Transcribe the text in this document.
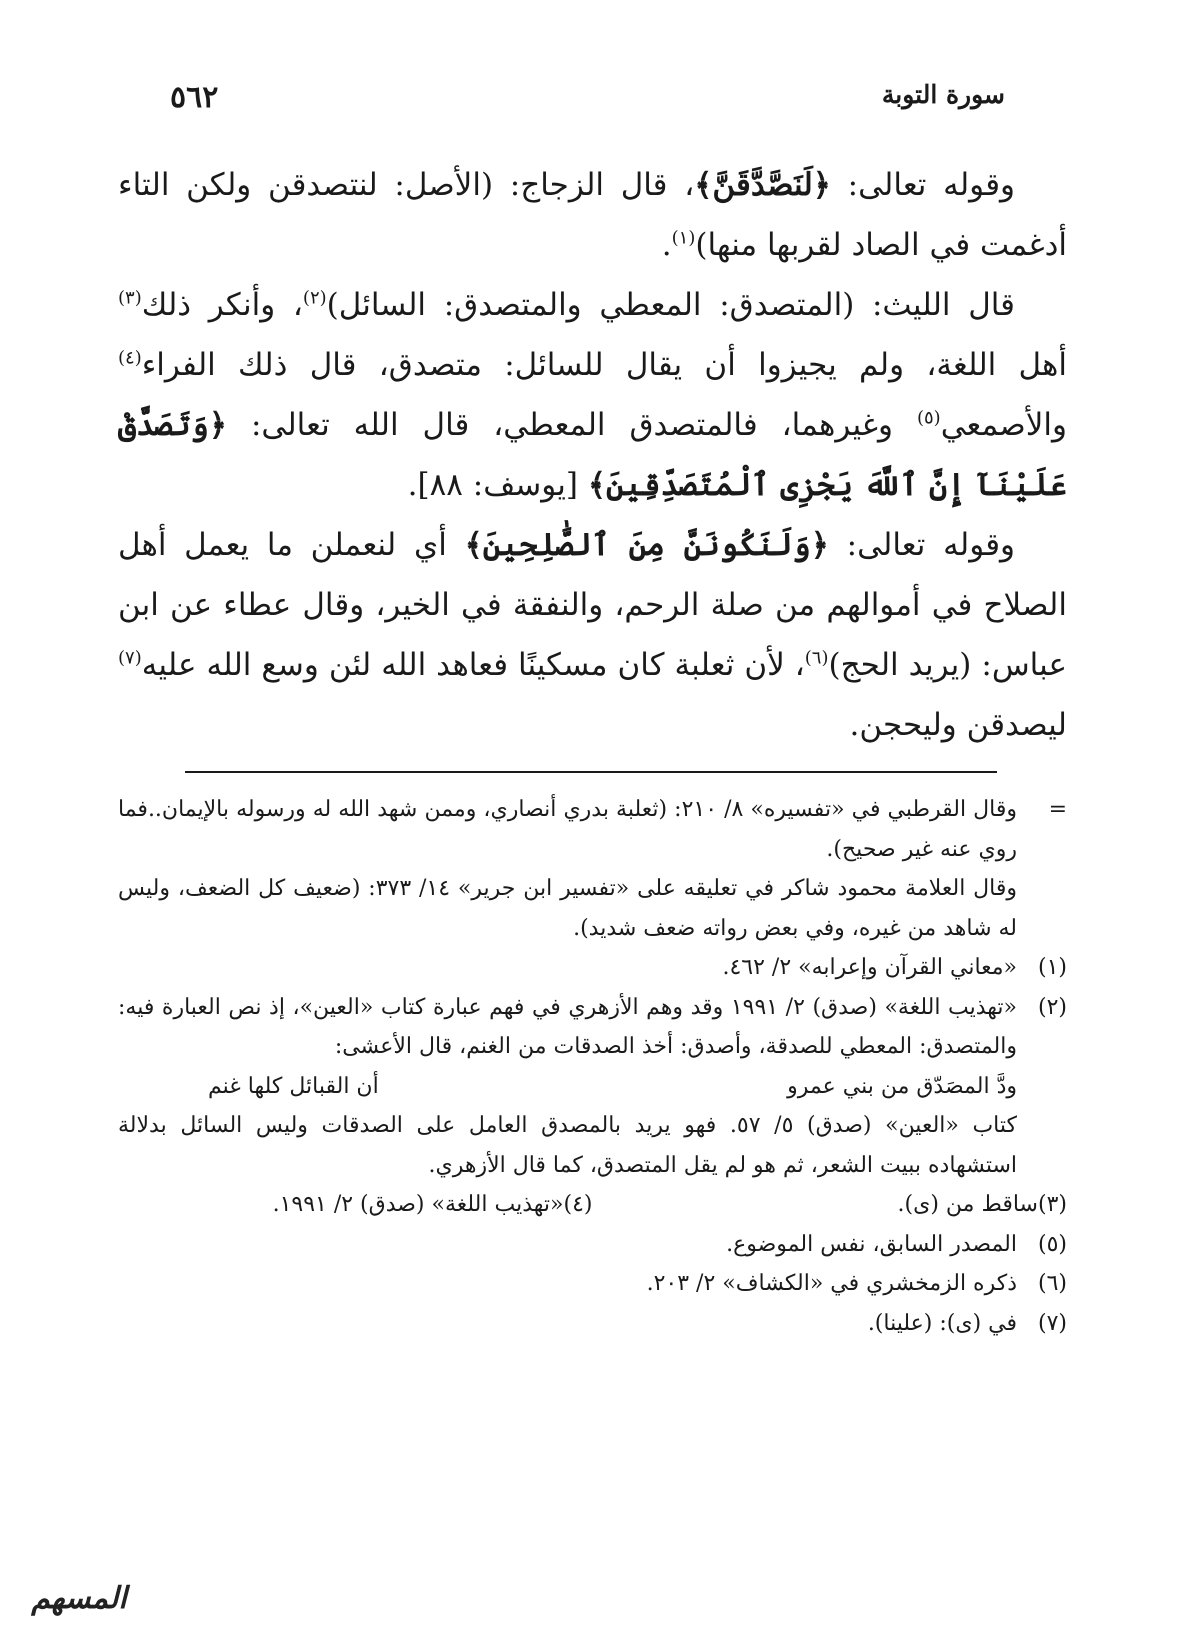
سورة التوبة
٥٦٢

وقوله تعالى: ﴿لَنَصَّدَّقَنَّ﴾، قال الزجاج: (الأصل: لنتصدقن ولكن التاء أدغمت في الصاد لقربها منها)$^{(١)}$.

قال الليث: (المتصدق: المعطي والمتصدق: السائل)$^{(٢)}$، وأنكر ذلك$^{(٣)}$ أهل اللغة، ولم يجيزوا أن يقال للسائل: متصدق، قال ذلك الفراء$^{(٤)}$ والأصمعي$^{(٥)}$ وغيرهما، فالمتصدق المعطي، قال الله تعالى: ﴿وَتَصَدَّقْ عَلَيْنَآ إِنَّ ٱللَّهَ يَجْزِى ٱلْمُتَصَدِّقِينَ﴾ [يوسف: ٨٨].

وقوله تعالى: ﴿وَلَنَكُونَنَّ مِنَ ٱلصَّٰلِحِينَ﴾ أي لنعملن ما يعمل أهل الصلاح في أموالهم من صلة الرحم، والنفقة في الخير، وقال عطاء عن ابن عباس: (يريد الحج)$^{(٦)}$، لأن ثعلبة كان مسكينًا فعاهد الله لئن وسع الله عليه$^{(٧)}$ ليصدقن وليحجن.

=
وقال القرطبي في «تفسيره» ٨/ ٢١٠: (ثعلبة بدري أنصاري، وممن شهد الله له ورسوله بالإيمان..فما روي عنه غير صحيح).
وقال العلامة محمود شاكر في تعليقه على «تفسير ابن جرير» ١٤/ ٣٧٣: (ضعيف كل الضعف، وليس له شاهد من غيره، وفي بعض رواته ضعف شديد).
(١)
«معاني القرآن وإعرابه» ٢/ ٤٦٢.
(٢)
«تهذيب اللغة» (صدق) ٢/ ١٩٩١ وقد وهم الأزهري في فهم عبارة كتاب «العين»، إذ نص العبارة فيه: والمتصدق: المعطي للصدقة، وأصدق: أخذ الصدقات من الغنم، قال الأعشى:
ودَّ المصَدّق من بني عمرو
أن القبائل كلها غنم
كتاب «العين» (صدق) ٥/ ٥٧. فهو يريد بالمصدق العامل على الصدقات وليس السائل بدلالة استشهاده ببيت الشعر، ثم هو لم يقل المتصدق، كما قال الأزهري.
(٣)
ساقط من (ى).
(٤)
«تهذيب اللغة» (صدق) ٢/ ١٩٩١.
(٥)
المصدر السابق، نفس الموضوع.
(٦)
ذكره الزمخشري في «الكشاف» ٢/ ٢٠٣.
(٧)
في (ى): (علينا).
المسهم
